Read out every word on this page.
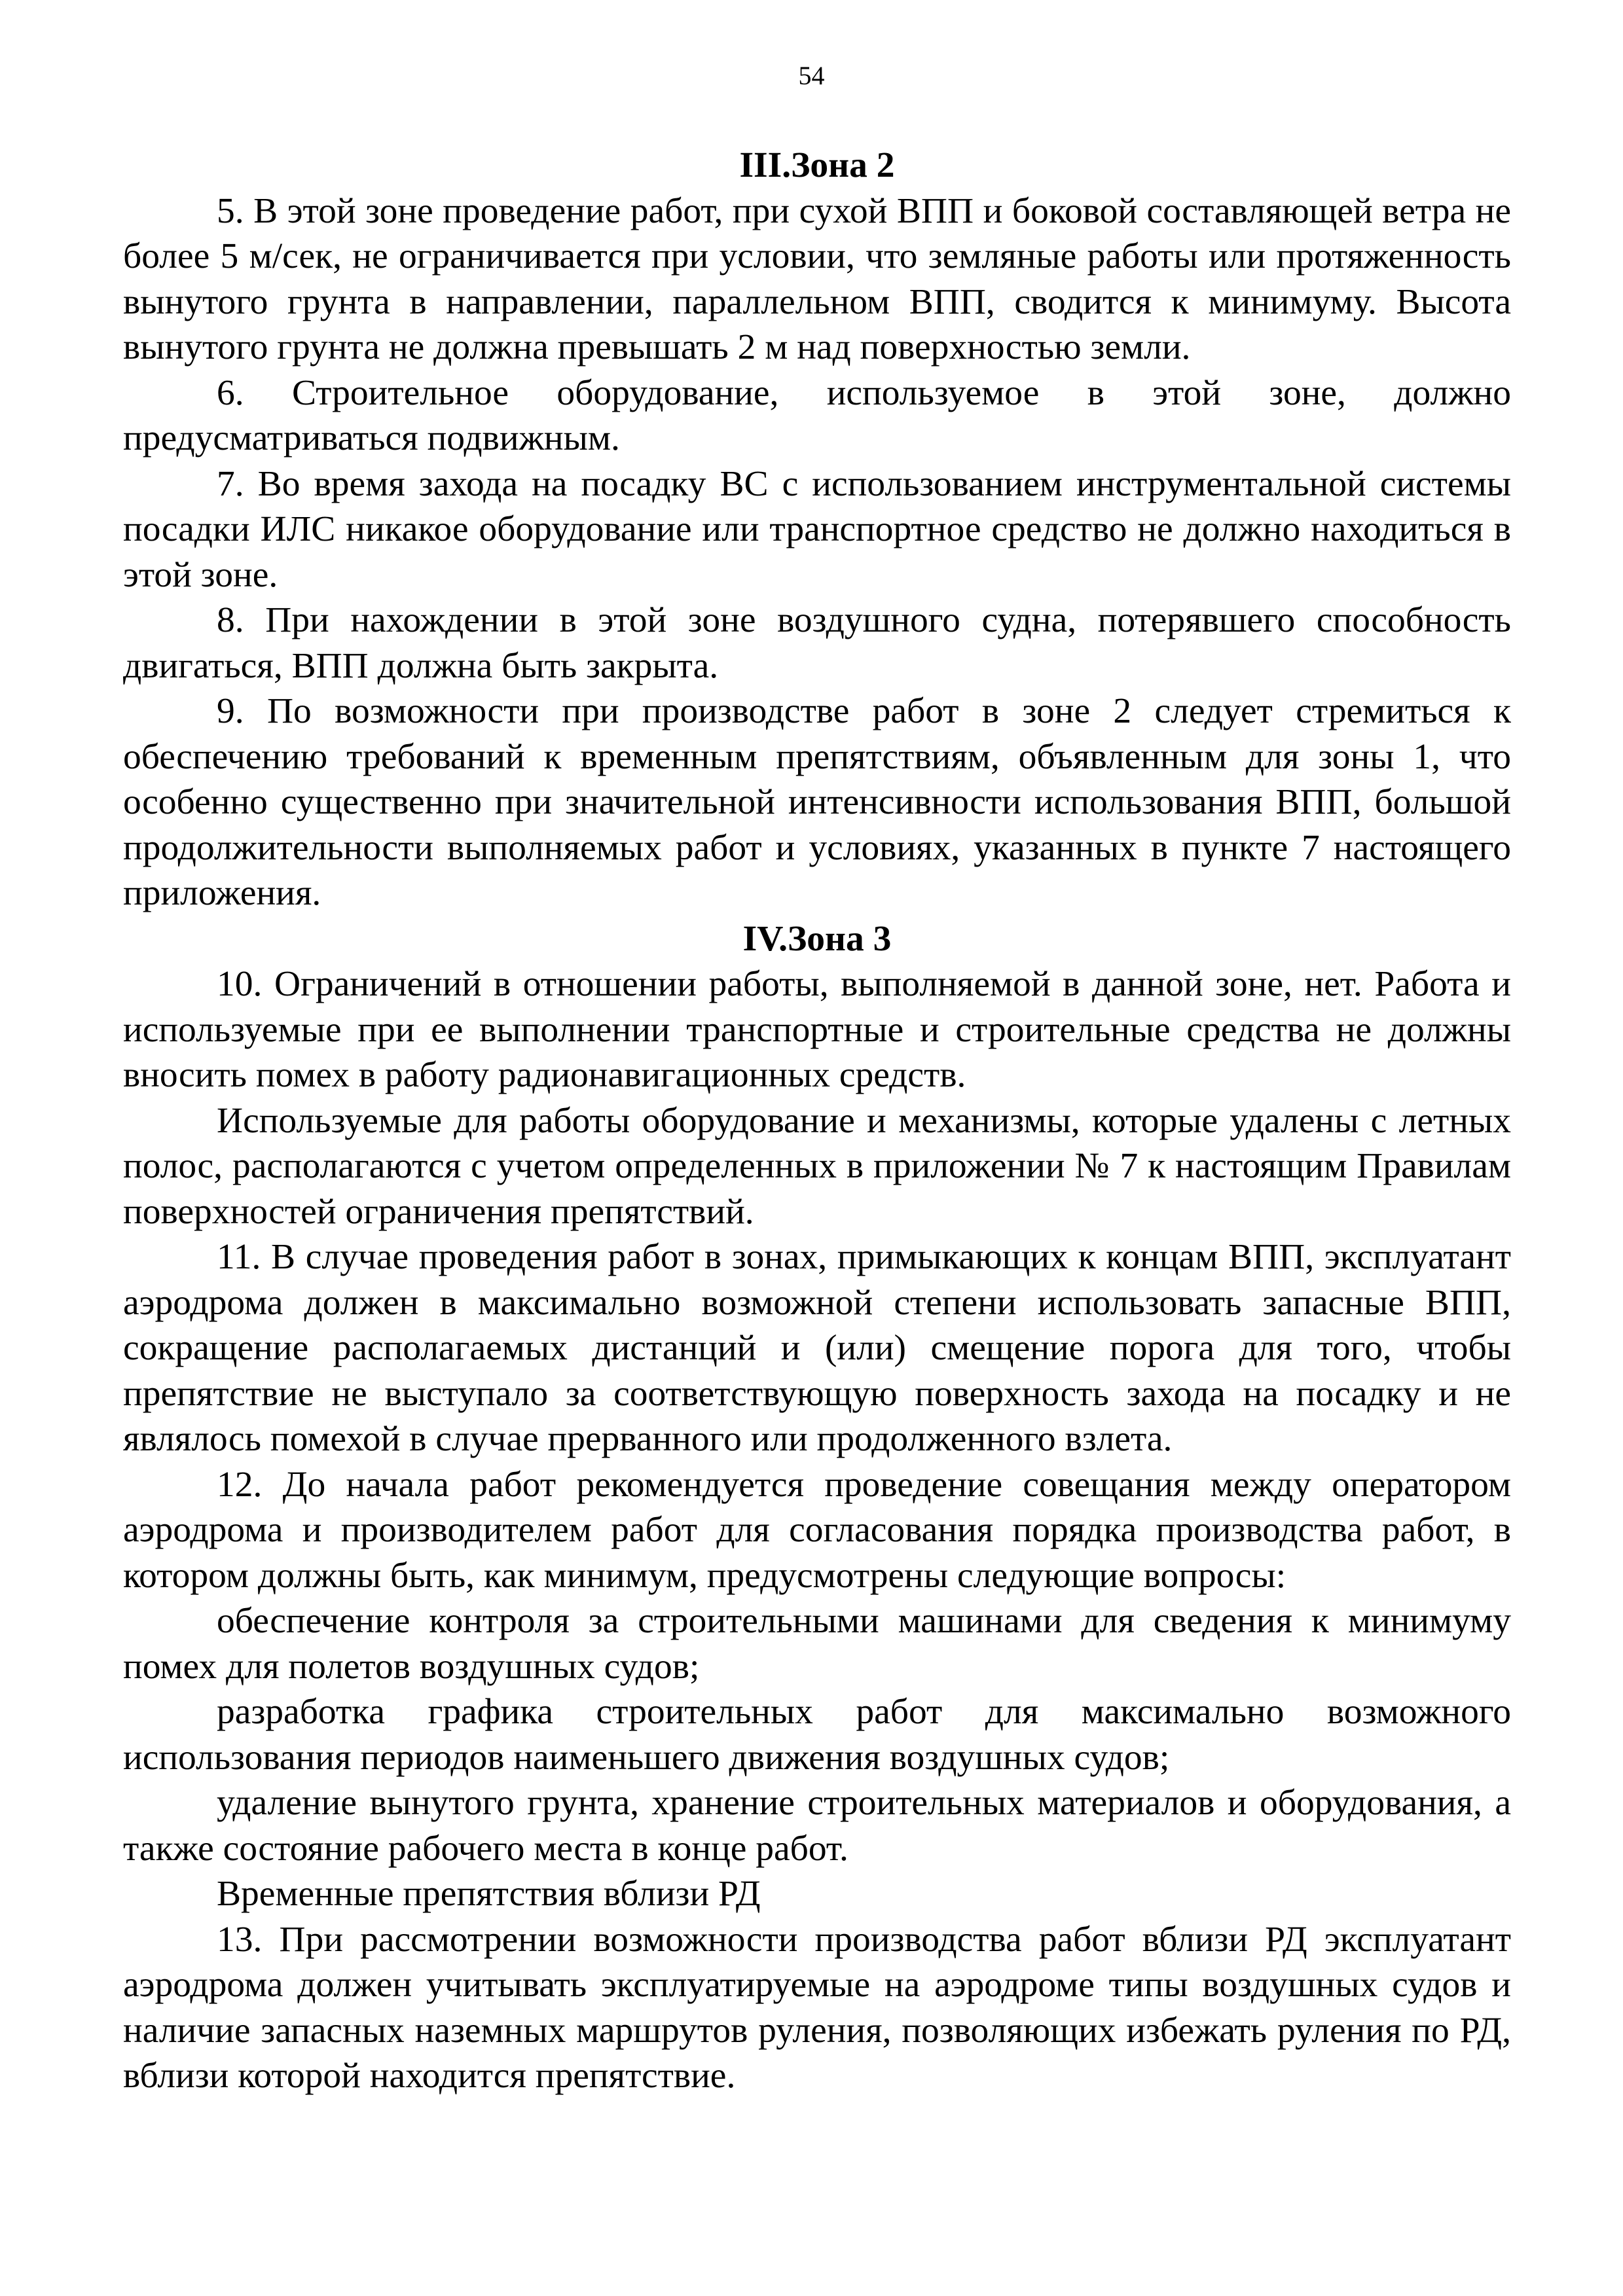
54

III.Зона 2

5. В этой зоне проведение работ, при сухой ВПП и боковой составляющей ветра не более 5 м/сек, не ограничивается при условии, что земляные работы или протяженность вынутого грунта в направлении, параллельном ВПП, сводится к минимуму. Высота вынутого грунта не должна превышать 2 м над поверхностью земли.

6. Строительное оборудование, используемое в этой зоне, должно предусматриваться подвижным.

7. Во время захода на посадку ВС с использованием инструментальной системы посадки ИЛС никакое оборудование или транспортное средство не должно находиться в этой зоне.

8. При нахождении в этой зоне воздушного судна, потерявшего способность двигаться, ВПП должна быть закрыта.

9. По возможности при производстве работ в зоне 2 следует стремиться к обеспечению требований к временным препятствиям, объявленным для зоны 1, что особенно существенно при значительной интенсивности использования ВПП, большой продолжительности выполняемых работ и условиях, указанных в пункте 7 настоящего приложения.

IV.Зона 3

10. Ограничений в отношении работы, выполняемой в данной зоне, нет. Работа и используемые при ее выполнении транспортные и строительные средства не должны вносить помех в работу радионавигационных средств.

Используемые для работы оборудование и механизмы, которые удалены с летных полос, располагаются с учетом определенных в приложении № 7 к настоящим Правилам поверхностей ограничения препятствий.

11. В случае проведения работ в зонах, примыкающих к концам ВПП, эксплуатант аэродрома должен в максимально возможной степени использовать запасные ВПП, сокращение располагаемых дистанций и (или) смещение порога для того, чтобы препятствие не выступало за соответствующую поверхность захода на посадку и не являлось помехой в случае прерванного или продолженного взлета.

12. До начала работ рекомендуется проведение совещания между оператором аэродрома и производителем работ для согласования порядка производства работ, в котором должны быть, как минимум, предусмотрены следующие вопросы:

обеспечение контроля за строительными машинами для сведения к минимуму помех для полетов воздушных судов;

разработка графика строительных работ для максимально возможного использования периодов наименьшего движения воздушных судов;

удаление вынутого грунта, хранение строительных материалов и оборудования, а также состояние рабочего места в конце работ.

Временные препятствия вблизи РД

13. При рассмотрении возможности производства работ вблизи РД эксплуатант аэродрома должен учитывать эксплуатируемые на аэродроме типы воздушных судов и наличие запасных наземных маршрутов руления, позволяющих избежать руления по РД, вблизи которой находится препятствие.
